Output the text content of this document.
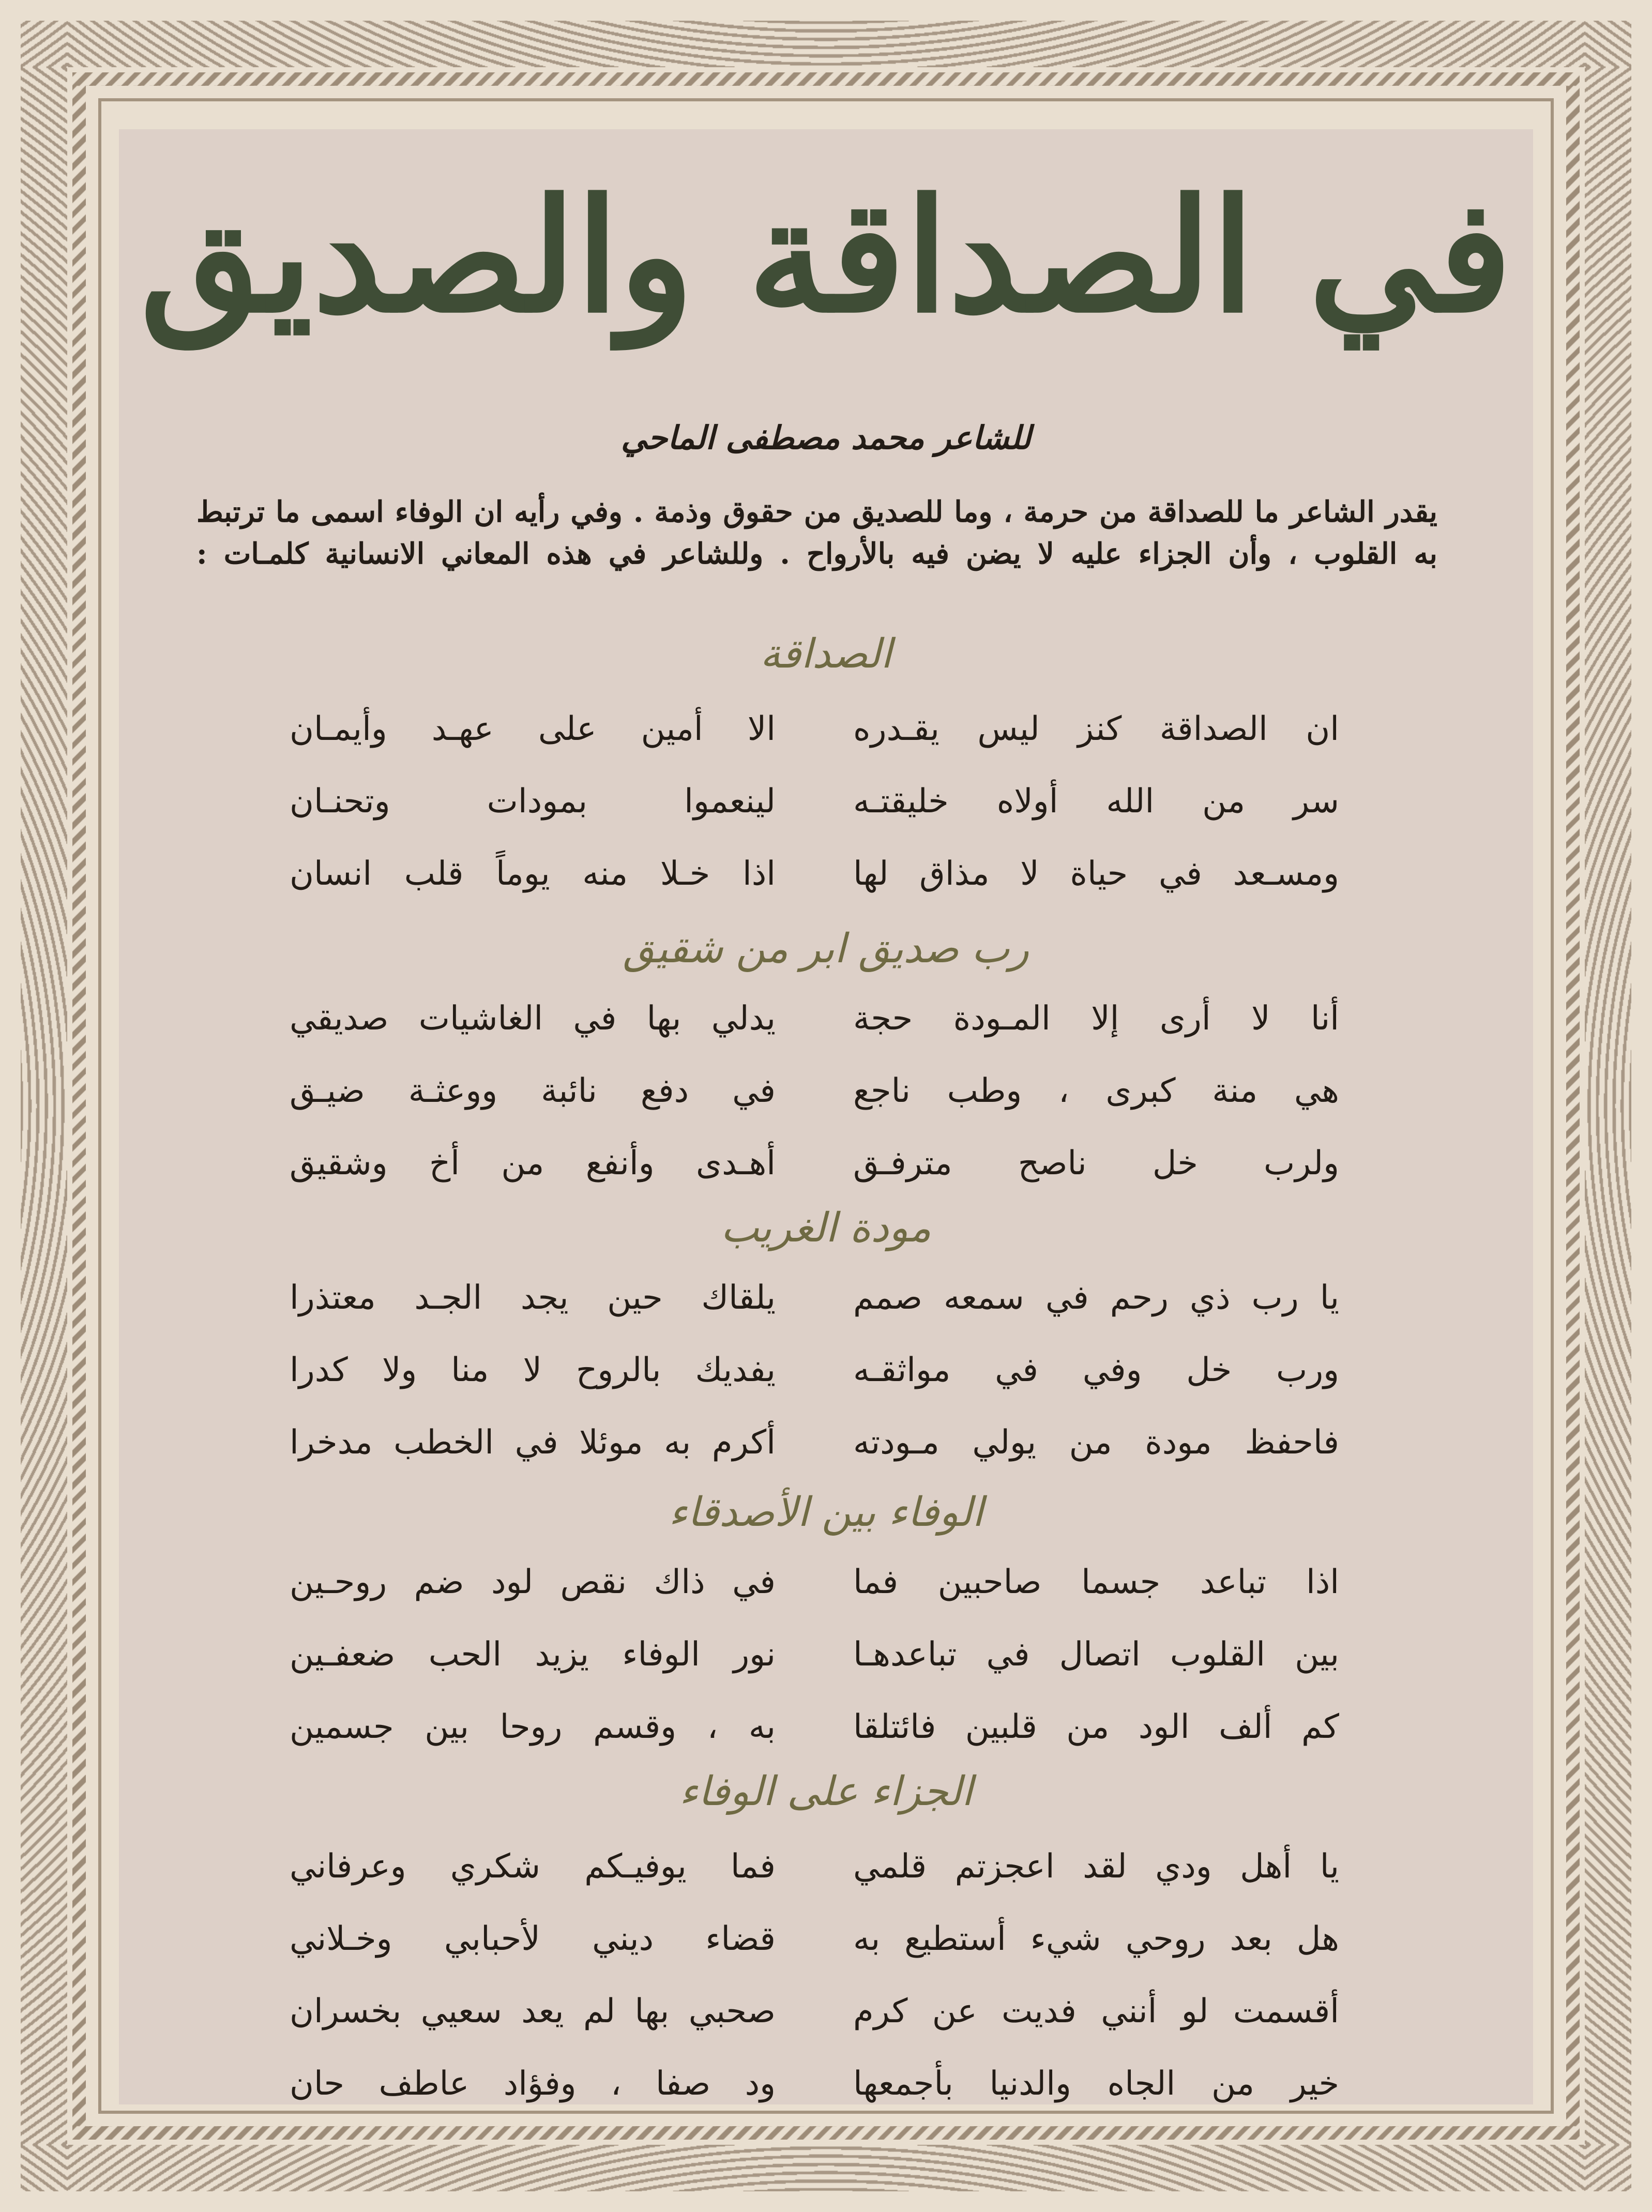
في الصداقة والصديق
للشاعر محمد مصطفى الماحي
يقدر الشاعر ما للصداقة من حرمة ، وما للصديق من حقوق وذمة . وفي رأيه ان الوفاء اسمى ما ترتبط
به القلوب ، وأن الجزاء عليه لا يضن فيه بالأرواح . وللشاعر في هذه المعاني الانسانية كلمـات :
الصداقة
ان الصداقة كنز ليس يقـدره
الا أمين على عهـد وأيمـان
سر من الله أولاه خليقتـه
لينعموا بمودات وتحنـان
ومسـعد في حياة لا مذاق لها
اذا خـلا منه يوماً قلب انسان
رب صديق ابر من شقيق
أنا لا أرى إلا المـودة حجة
يدلي بها في الغاشيات صديقي
هي منة كبرى ، وطب ناجع
في دفع نائبة ووعثـة ضيـق
ولرب خل ناصح مترفـق
أهـدى وأنفع من أخ وشقيق
مودة الغريب
يا رب ذي رحم في سمعه صمم
يلقاك حين يجد الجـد معتذرا
ورب خل وفي في مواثقـه
يفديك بالروح لا منا ولا كدرا
فاحفظ مودة من يولي مـودته
أكرم به موئلا في الخطب مدخرا
الوفاء بين الأصدقاء
اذا تباعد جسما صاحبين فما
في ذاك نقص لود ضم روحـين
بين القلوب اتصال في تباعدهـا
نور الوفاء يزيد الحب ضعفـين
كم ألف الود من قلبين فائتلقا
به ، وقسم روحا بين جسمين
الجزاء على الوفاء
يا أهل ودي لقد اعجزتم قلمي
فما يوفيـكم شكري وعرفاني
هل بعد روحي شيء أستطيع به
قضاء ديني لأحبابي وخـلاني
أقسمت لو أنني فديت عن كرم
صحبي بها لم يعد سعيي بخسران
خير من الجاه والدنيا بأجمعها
ود صفا ، وفؤاد عاطف حان
